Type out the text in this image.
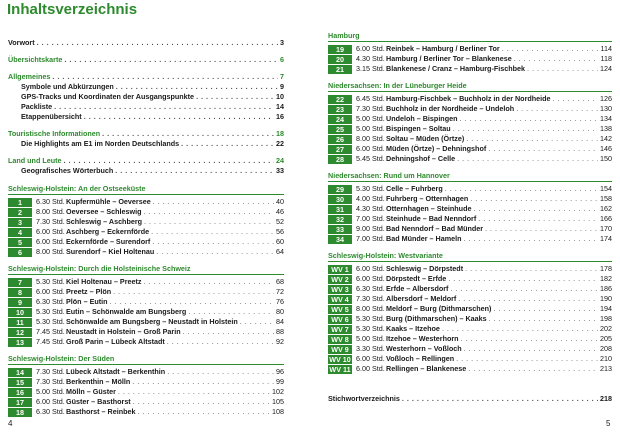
Inhaltsverzeichnis
Vorwort . . .	3
Übersichtskarte . . .	6
Allgemeines . . .	7
Symbole und Abkürzungen . . .	9
GPS-Tracks und Koordinaten der Ausgangspunkte . . .	10
Packliste . . .	14
Etappenübersicht . . .	16
Touristische Informationen . . .	18
Die Highlights am E1 im Norden Deutschlands . . .	22
Land und Leute . . .	24
Geografisches Wörterbuch . . .	33
Schleswig-Holstein: An der Ostseeküste
1	6.30 Std. Kupfermühle – Oeversee . . .	40
2	8.00 Std. Oeversee – Schleswig . . .	46
3	7.30 Std. Schleswig – Aschberg . . .	52
4	6.00 Std. Aschberg – Eckernförde . . .	56
5	6.00 Std. Eckernförde – Surendorf . . .	60
6	8.00 Std. Surendorf – Kiel Holtenau . . .	64
Schleswig-Holstein: Durch die Holsteinische Schweiz
7	5.30 Std. Kiel Holtenau – Preetz . . .	68
8	6.00 Std. Preetz – Plön . . .	72
9	6.30 Std. Plön – Eutin . . .	76
10	5.30 Std. Eutin – Schönwalde am Bungsberg . . .	80
11	5.30 Std. Schönwalde am Bungsberg – Neustadt in Holstein . . .	84
12	7.45 Std. Neustadt in Holstein – Groß Parin . . .	88
13	7.45 Std. Groß Parin – Lübeck Altstadt . . .	92
Schleswig-Holstein: Der Süden
14	7.30 Std. Lübeck Altstadt – Berkenthin . . .	96
15	7.30 Std. Berkenthin – Mölln . . .	99
16	5.00 Std. Mölln – Güster . . .	102
17	6.00 Std. Güster – Basthorst . . .	105
18	6.30 Std. Basthorst – Reinbek . . .	108
Hamburg
19	6.00 Std. Reinbek – Hamburg / Berliner Tor . . .	114
20	4.30 Std. Hamburg / Berliner Tor – Blankenese . . .	118
21	3.15 Std. Blankenese / Cranz – Hamburg-Fischbek . . .	124
Niedersachsen: In der Lüneburger Heide
22	6.45 Std. Hamburg-Fischbek – Buchholz in der Nordheide . . .	126
23	7.30 Std. Buchholz in der Nordheide – Undeloh . . .	130
24	5.00 Std. Undeloh – Bispingen . . .	134
25	5.00 Std. Bispingen – Soltau . . .	138
26	8.00 Std. Soltau – Müden (Örtze) . . .	142
27	6.00 Std. Müden (Örtze) – Dehningshof . . .	146
28	5.45 Std. Dehningshof – Celle . . .	150
Niedersachsen: Rund um Hannover
29	5.30 Std. Celle – Fuhrberg . . .	154
30	4.00 Std. Fuhrberg – Otternhagen . . .	158
31	4.30 Std. Otternhagen – Steinhude . . .	162
32	7.00 Std. Steinhude – Bad Nenndorf . . .	166
33	9.00 Std. Bad Nenndorf – Bad Münder . . .	170
34	7.00 Std. Bad Münder – Hameln . . .	174
Schleswig-Holstein: Westvariante
WV 1	6.00 Std. Schleswig – Dörpstedt . . .	178
WV 2	6.00 Std. Dörpstedt – Erfde . . .	182
WV 3	6.30 Std. Erfde – Albersdorf . . .	186
WV 4	7.30 Std. Albersdorf – Meldorf . . .	190
WV 5	8.00 Std. Meldorf – Burg (Dithmarschen) . . .	194
WV 6	5.30 Std. Burg (Dithmarschen) – Kaaks . . .	198
WV 7	5.30 Std. Kaaks – Itzehoe . . .	202
WV 8	5.00 Std. Itzehoe – Westerhorn . . .	205
WV 9	3.30 Std. Westerhorn – Voßloch . . .	208
WV 10 6.00 Std. Voßloch – Rellingen . . .	210
WV 11 6.00 Std. Rellingen – Blankenese . . .	213
Stichwortverzeichnis . . .	218
4	5
